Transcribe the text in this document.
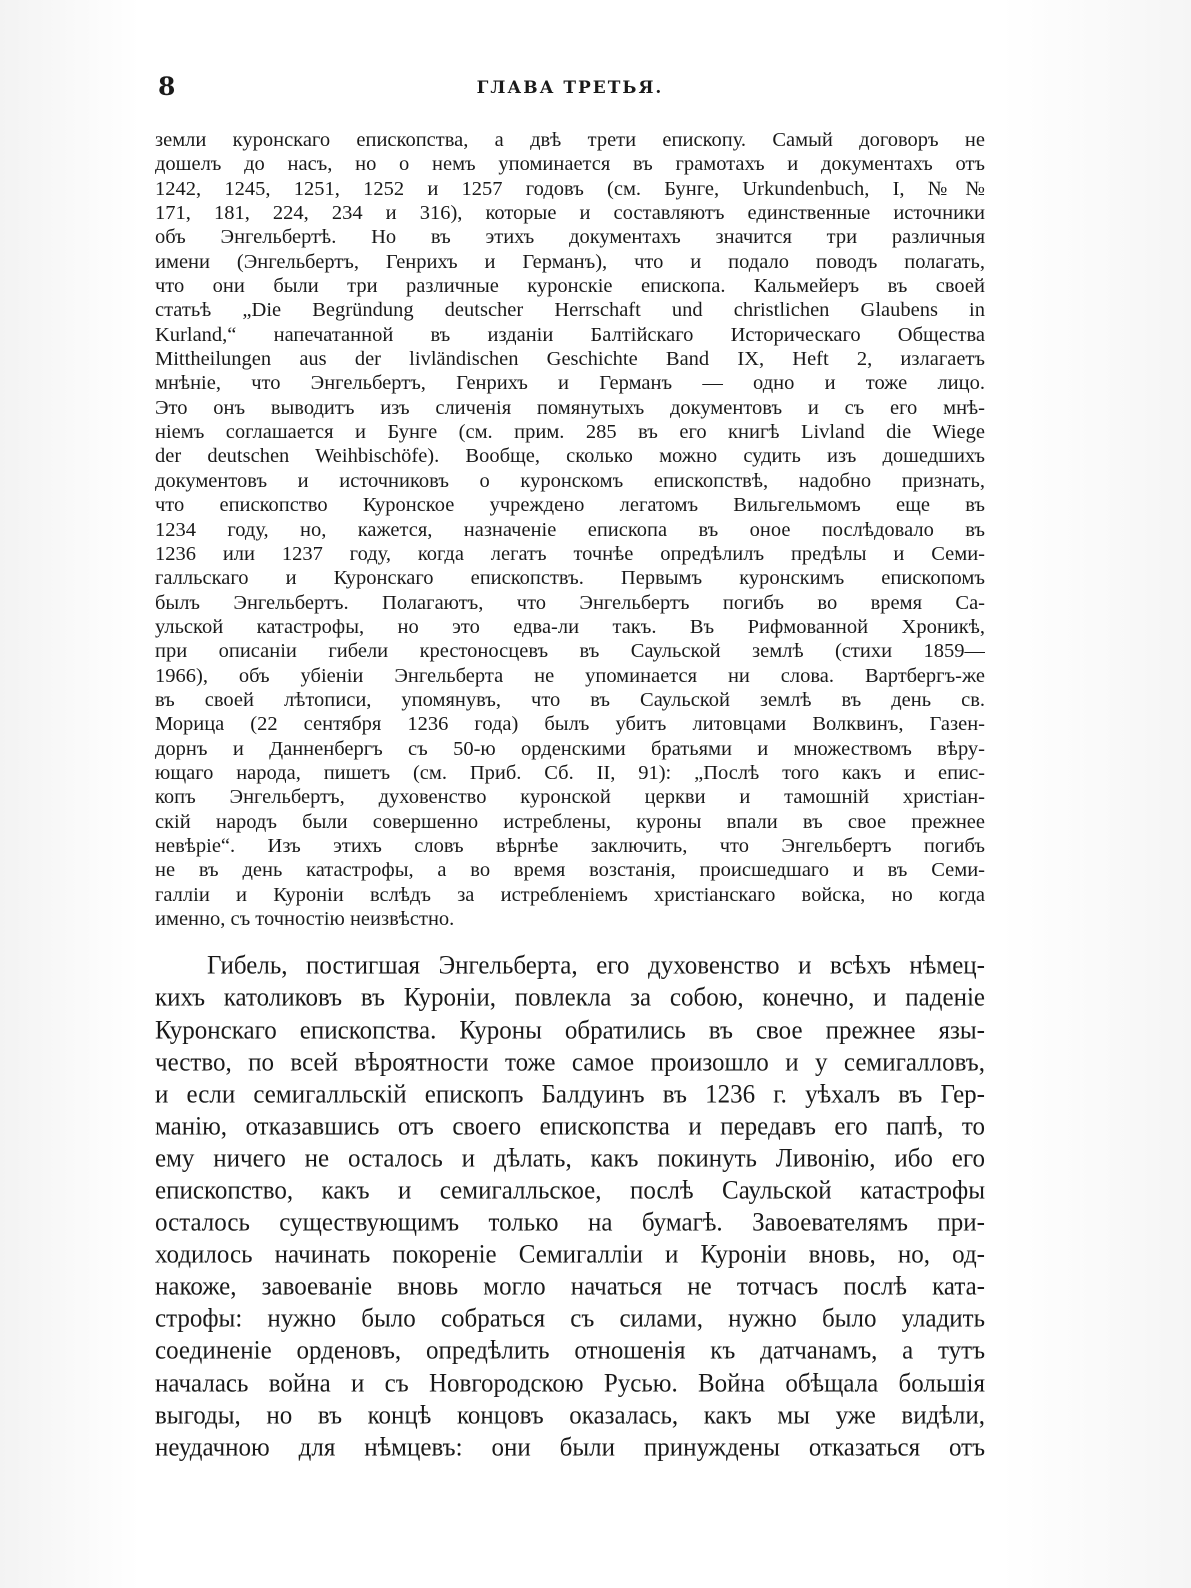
8	ГЛАВА ТРЕТЬЯ.
земли куронскаго епископства, а двѣ трети епископу. Самый договоръ не
дошелъ до насъ, но о немъ упоминается въ грамотахъ и документахъ отъ
1242, 1245, 1251, 1252 и 1257 годовъ (см. Бунге, Urkundenbuch, I, №№
171, 181, 224, 234 и 316), которые и составляютъ единственные источники
объ Энгельбертѣ. Но въ этихъ документахъ значится три различныя
имени (Энгельбертъ, Генрихъ и Германъ), что и подало поводъ полагать,
что они были три различные куронскіе епископа. Кальмейеръ въ своей
статьѣ „Die Begründung deutscher Herrschaft und christlichen Glaubens in
Kurland,“ напечатанной въ изданіи Балтійскаго Историческаго Общества
Mittheilungen aus der livländischen Geschichte Band IX, Heft 2, излагаетъ
мнѣніе, что Энгельбертъ, Генрихъ и Германъ — одно и тоже лицо.
Это онъ выводитъ изъ сличенія помянутыхъ документовъ и съ его мнѣ-
ніемъ соглашается и Бунге (см. прим. 285 въ его книгѣ Livland die Wiege
der deutschen Weihbischöfe). Вообще, сколько можно судить изъ дошедшихъ
документовъ и источниковъ о куронскомъ епископствѣ, надобно признать,
что епископство Куронское учреждено легатомъ Вильгельмомъ еще въ
1234 году, но, кажется, назначеніе епископа въ оное послѣдовало въ
1236 или 1237 году, когда легатъ точнѣе опредѣлилъ предѣлы и Семи-
галльскаго и Куронскаго епископствъ. Первымъ куронскимъ епископомъ
былъ Энгельбертъ. Полагаютъ, что Энгельбертъ погибъ во время Са-
ульской катастрофы, но это едва-ли такъ. Въ Рифмованной Хроникѣ,
при описаніи гибели крестоносцевъ въ Саульской землѣ (стихи 1859—
1966), объ убіеніи Энгельберта не упоминается ни слова. Вартбергъ-же
въ своей лѣтописи, упомянувъ, что въ Саульской землѣ въ день св.
Морица (22 сентября 1236 года) былъ убитъ литовцами Волквинъ, Газен-
дорнъ и Данненбергъ съ 50-ю орденскими братьями и множествомъ вѣру-
ющаго народа, пишетъ (см. Приб. Сб. II, 91): „Послѣ того какъ и епис-
копъ Энгельбертъ, духовенство куронской церкви и тамошній христіан-
скій народъ были совершенно истреблены, куроны впали въ свое прежнее
невѣріе“. Изъ этихъ словъ вѣрнѣе заключить, что Энгельбертъ погибъ
не въ день катастрофы, а во время возстанія, происшедшаго и въ Семи-
галліи и Куроніи вслѣдъ за истребленіемъ христіанскаго войска, но когда
именно, съ точностію неизвѣстно.
Гибель, постигшая Энгельберта, его духовенство и всѣхъ нѣмец-
кихъ католиковъ въ Куроніи, повлекла за собою, конечно, и паденіе
Куронскаго епископства. Куроны обратились въ свое прежнее язы-
чество, по всей вѣроятности тоже самое произошло и у семигалловъ,
и если семигалльскій епископъ Балдуинъ въ 1236 г. уѣхалъ въ Гер-
манію, отказавшись отъ своего епископства и передавъ его папѣ, то
ему ничего не осталось и дѣлать, какъ покинуть Ливонію, ибо его
епископство, какъ и семигалльское, послѣ Саульской катастрофы
осталось существующимъ только на бумагѣ. Завоевателямъ при-
ходилось начинать покореніе Семигалліи и Куроніи вновь, но, од-
накоже, завоеваніе вновь могло начаться не тотчасъ послѣ ката-
строфы: нужно было собраться съ силами, нужно было уладить
соединеніе орденовъ, опредѣлить отношенія къ датчанамъ, а тутъ
началась война и съ Новгородскою Русью. Война обѣщала большія
выгоды, но въ концѣ концовъ оказалась, какъ мы уже видѣли,
неудачною для нѣмцевъ: они были принуждены отказаться отъ
